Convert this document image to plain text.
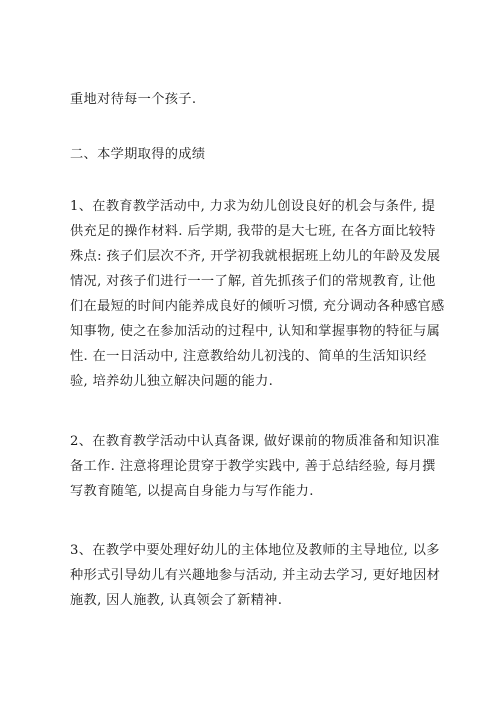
重地对待每一个孩子.
二、本学期取得的成绩
1、在教育教学活动中, 力求为幼儿创设良好的机会与条件, 提
供充足的操作材料. 后学期, 我带的是大七班, 在各方面比较特
殊点: 孩子们层次不齐, 开学初我就根据班上幼儿的年龄及发展
情况, 对孩子们进行一一了解, 首先抓孩子们的常规教育, 让他
们在最短的时间内能养成良好的倾听习惯, 充分调动各种感官感
知事物, 使之在参加活动的过程中, 认知和掌握事物的特征与属
性. 在一日活动中, 注意教给幼儿初浅的、简单的生活知识经
验, 培养幼儿独立解决问题的能力.
2、在教育教学活动中认真备课, 做好课前的物质准备和知识准
备工作. 注意将理论贯穿于教学实践中, 善于总结经验, 每月撰
写教育随笔, 以提高自身能力与写作能力.
3、在教学中要处理好幼儿的主体地位及教师的主导地位, 以多
种形式引导幼儿有兴趣地参与活动, 并主动去学习, 更好地因材
施教, 因人施教, 认真领会了新精神.
